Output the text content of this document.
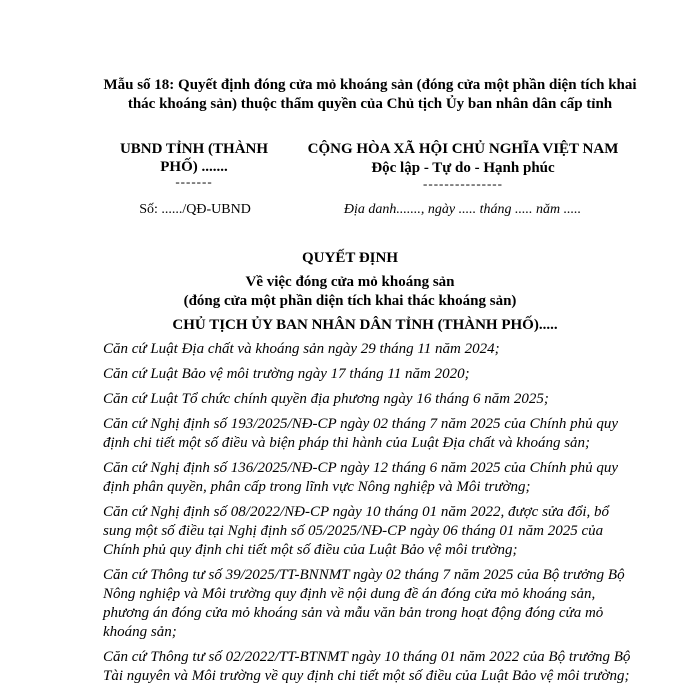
Mẫu số 18: Quyết định đóng cửa mỏ khoáng sản (đóng cửa một phần diện tích khai thác khoáng sản) thuộc thẩm quyền của Chủ tịch Ủy ban nhân dân cấp tỉnh
UBND TỈNH (THÀNH
PHỐ) .......
-------
CỘNG HÒA XÃ HỘI CHỦ NGHĨA VIỆT NAM
Độc lập - Tự do - Hạnh phúc
---------------
Số: ....../QĐ-UBND	Địa danh......., ngày ..... tháng ..... năm .....
QUYẾT ĐỊNH
Về việc đóng cửa mỏ khoáng sản
(đóng cửa một phần diện tích khai thác khoáng sản)
CHỦ TỊCH ỦY BAN NHÂN DÂN TỈNH (THÀNH PHỐ).....

Căn cứ Luật Địa chất và khoáng sản ngày 29 tháng 11 năm 2024;

Căn cứ Luật Bảo vệ môi trường ngày 17 tháng 11 năm 2020;

Căn cứ Luật Tổ chức chính quyền địa phương ngày 16 tháng 6 năm 2025;

Căn cứ Nghị định số 193/2025/NĐ-CP ngày 02 tháng 7 năm 2025 của Chính phủ quy định chi tiết một số điều và biện pháp thi hành của Luật Địa chất và khoáng sản;

Căn cứ Nghị định số 136/2025/NĐ-CP ngày 12 tháng 6 năm 2025 của Chính phủ quy định phân quyền, phân cấp trong lĩnh vực Nông nghiệp và Môi trường;

Căn cứ Nghị định số 08/2022/NĐ-CP ngày 10 tháng 01 năm 2022, được sửa đổi, bổ sung một số điều tại Nghị định số 05/2025/NĐ-CP ngày 06 tháng 01 năm 2025 của Chính phủ quy định chi tiết một số điều của Luật Bảo vệ môi trường;

Căn cứ Thông tư số 39/2025/TT-BNNMT ngày 02 tháng 7 năm 2025 của Bộ trưởng Bộ Nông nghiệp và Môi trường quy định về nội dung đề án đóng cửa mỏ khoáng sản, phương án đóng cửa mỏ khoáng sản và mẫu văn bản trong hoạt động đóng cửa mỏ khoáng sản;

Căn cứ Thông tư số 02/2022/TT-BTNMT ngày 10 tháng 01 năm 2022 của Bộ trưởng Bộ Tài nguyên và Môi trường về quy định chi tiết một số điều của Luật Bảo vệ môi trường;
